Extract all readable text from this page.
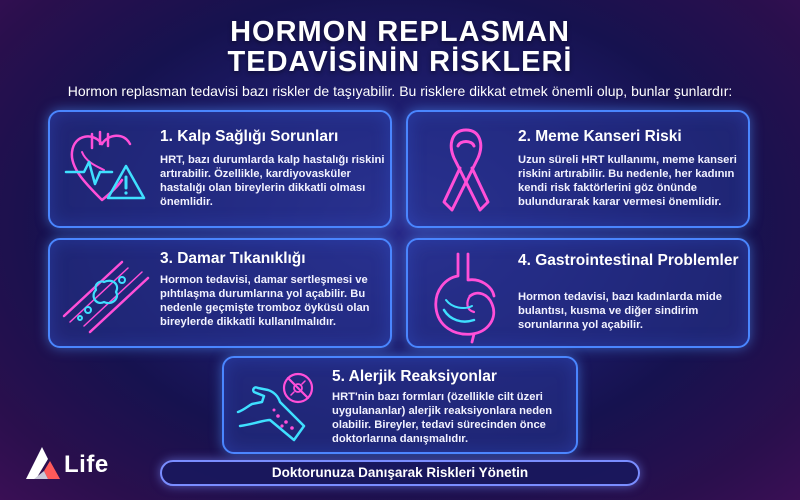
HORMON REPLASMAN
TEDAVİSİNİN RİSKLERİ
Hormon replasman tedavisi bazı riskler de taşıyabilir. Bu risklere dikkat etmek önemli olup, bunlar şunlardır:
1. Kalp Sağlığı Sorunları

HRT, bazı durumlarda kalp hastalığı riskini artırabilir. Özellikle, kardiyovasküler hastalığı olan bireylerin dikkatli olması önemlidir.

2. Meme Kanseri Riski

Uzun süreli HRT kullanımı, meme kanseri riskini artırabilir. Bu nedenle, her kadının kendi risk faktörlerini göz önünde bulundurarak karar vermesi önemlidir.

3. Damar Tıkanıklığı

Hormon tedavisi, damar sertleşmesi ve pıhtılaşma durumlarına yol açabilir. Bu nedenle geçmişte tromboz öyküsü olan bireylerde dikkatli kullanılmalıdır.

4. Gastrointestinal Problemler

Hormon tedavisi, bazı kadınlarda mide bulantısı, kusma ve diğer sindirim sorunlarına yol açabilir.

5. Alerjik Reaksiyonlar

HRT'nin bazı formları (özellikle cilt üzeri uygulananlar) alerjik reaksiyonlara neden olabilir. Bireyler, tedavi sürecinden önce doktorlarına danışmalıdır.

Doktorunuza Danışarak Riskleri Yönetin
Life
